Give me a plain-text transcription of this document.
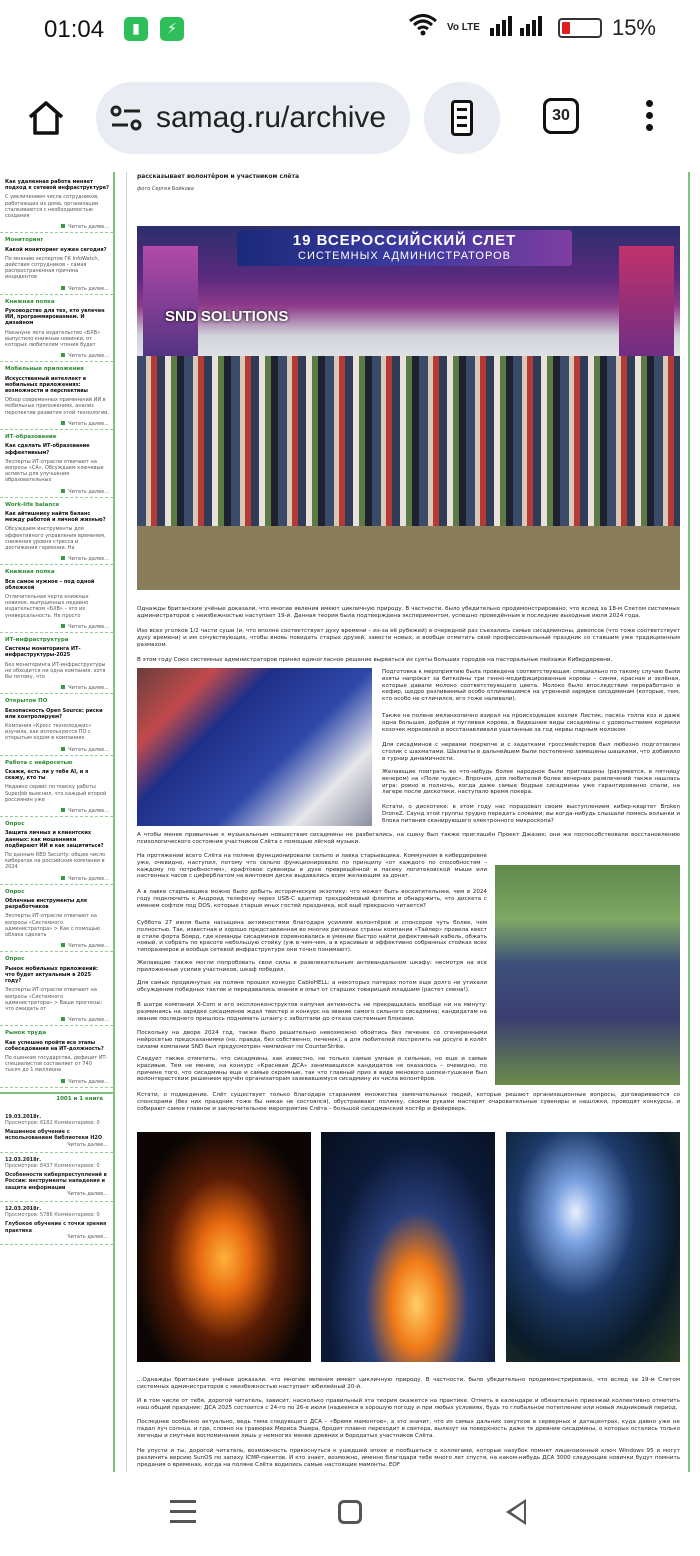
01:04	▮	⚡	Vo LTE	15%
samag.ru/archive	30
Как удаленная работа меняет подход к сетевой инфраструктуре?
С увеличением числа сотрудников, работающих из дома, организации сталкиваются с необходимостью создания
Читать далее...
Мониторинг
Какой мониторинг нужен сегодня?
По мнению экспертов ГК InfoWatch, действия сотрудников – самая распространенная причина инцидентов
Читать далее...
Книжная полка
Руководство для тех, кто увлечен ИИ, программированием. И дизайном
Накануне лета издательство «БХВ» выпустило книжные новинки, от которых любителям чтения будет
Читать далее...
Мобильные приложения
Искусственный интеллект в мобильных приложениях: возможности и перспективы
Обзор современных применений ИИ в мобильных приложениях, анализ перспектив развития этой технологии,
Читать далее...
ИТ-образование
Как сделать ИТ-образование эффективным?
Эксперты ИТ-отрасли отвечают на вопросы «СА». Обсуждаем ключевые аспекты для улучшения образовательных
Читать далее...
Work-life balance
Как айтишнику найти баланс между работой и личной жизнью?
Обсуждаем инструменты для эффективного управления временем, снижения уровня стресса и достижения гармонии. На
Читать далее...
Книжная полка
Все самое нужное – под одной обложкой
Отличительная черта книжных новинок, выпущенных недавно издательством «БХВ» – это их универсальность. Не просто
Читать далее...
ИТ-инфраструктура
Системы мониторинга ИТ-инфраструктуры-2025
Без мониторинга ИТ-инфраструктуры не обходится ни одна компания, хотя бы потому, что
Читать далее...
Открытое ПО
Безопасность Open Source: риски или контролируем?
Компания «Кросс технолоджис» изучила, как используются ПО с открытым кодом в компаниях
Читать далее...
Работа с нейросетью
Скажи, есть ли у тебя AI, и я скажу, кто ты
Недавно сервис по поиску работы SuperJob выяснил, что каждый второй россиянин уже
Читать далее...
Опрос
Защита личных и клиентских данных: как мошенники подбирают ИИ и как защититься?
По данным RED Security: общее число кибератак на российские компании в 2024
Читать далее...
Опрос
Облачные инструменты для разработчиков
Эксперты ИТ-отрасли отвечают на вопросы «Системного администратора» > Как с помощью облака сделать
Читать далее...
Опрос
Рынок мобильных приложений: что будет актуальным в 2025 году?
Эксперты ИТ-отрасли отвечают на вопросы «Системного администратора» > Ваши прогнозы: что ожидать от
Читать далее...
Рынок труда
Как успешно пройти все этапы собеседования на ИТ-должность?
По оценкам государства, дефицит ИТ-специалистов составляет от 740 тысяч до 1 миллиона
Читать далее...
1001 и 1 книга
19.03.2018г.
Просмотров: 6182 Комментариев: 0
Машинное обучение с использованием библиотеки H2O
Читать далее...
12.03.2018г.
Просмотров: 6437 Комментариев: 0
Особенности киберпреступлений в России: инструменты нападения и защита информации
Читать далее...
12.03.2018г.
Просмотров: 5786 Комментариев: 0
Глубокое обучение с точки зрения практика
Читать далее...
рассказывает волонтёром и участником слёта
фото Сергея Бойкова
19 ВСЕРОССИЙСКИЙ СЛЕТ
СИСТЕМНЫХ АДМИНИСТРАТОРОВ
SND SOLUTIONS
Однажды британские учёные доказали, что многие явления имеют цикличную природу. В частности, было убедительно продемонстрировано, что вслед за 18-м Слетом системных администраторов с неизбежностью наступает 19-й. Данная теория была подтверждена экспериментом, успешно проведённым в последние выходные июля 2024 года.
Изо всех уголков 1/2 части суши (и, что вполне соответствует духу времени – из-за её рубежей) в очередной раз съехались самые сисадминоны, девопсов (что тоже соответствует духу времени) и им сочувствующих, чтобы вновь повидать старых друзей, завести новых, и вообще отметить свой профессиональный праздник со ставшим уже традиционным размахом.
В этом году Союз системных администраторов принял единогласное решение вырваться из суеты больших городов на пасторальные пейзажи Кибердеревни.
Подготовка к мероприятию была проведена соответствующая: специально по такому случаю были взяты напрокат за биткойны три генно-модифицированные коровы – синяя, красная и зелёная, которые давали молоко соответствующего цвета. Молоко было впоследствии переработано в кефир, щедро разливаемый особо отличившимся на утренней зарядке сисадминам (которые, тем, кто особо не отличился, его тоже наливали).
Также на полене меланхолично взирал на происходящее козлик Листик, пасясь толпа коз и даже одна большая, добрая и пугливая корова, в бидешние виды сисадмины с удовольствием кормили козочек морковкой и восстанавливали ушатанные за год нервы парным молоком.
Для сисадминов с нервами покрепче и с задатками гроссмейстеров был любезно подготовлен столик с шахматами. Шахматы в дальнейшем были постепенно замещены шашками, что добавило в турнир динамичности.
Желающие поиграть во что-нибудь более народное были приглашены (разумеется, в пятницу вечером) на «Поле чудес». Впрочем, для любителей более вечерних развлечений также нашлась игра: ровно в полночь, когда даже самые бодрые сисадмины уже гарантированно спали, на лагере после дискотеки, наступало время покера.
Кстати, о дискотеке: в этом году нас порадовал своим выступлением кибер-квартет Broken DroneZ. Саунд этой группы трудно передать словами; вы когда-нибудь слышали помесь волынки и блока питания сканирующего электронного микроскопа?
А чтобы менее привычные к музыкальным новшествам сисадмины не разбегались, на сцену был также приглашён Проект Джазик; они же поспособствовали восстановлению психологического состояния участников Слёта с помощью лёгкой музыки.
На протяжении всего Слёта на поляне функционировали сельпо и лавка старьевщика. Коммунизм в кибердеревне уже, очевидно, наступил, потому что сельпо функционировало по принципу «от каждого по способностям – каждому по потребностям», крафтовое сувениры в духе преврещённой в пасеку логитековской мыши или настенных часов с циферблатом на винтовом диске выдавались всем желающим за донат.
А в лавке старьевщика можно было добыть историческую экзотику: что может быть восхитительнее, чем в 2024 году подключить к Андроид телефону через USB-C адаптер трехдюймовый флоппи и обнаружить, что дискета с именем софтом под DOS, которые старше иных гостей праздника, всё ещё прекрасно читается?
Суббота 27 июля была насыщена активностями благодаря усилиям волонтёров и спонсоров чуть более, чем полностью. Так, известная и хорошо представленная во многих регионах страны компания «Тайлер» провела квест в стиле форта Боярд, где команды сисадминов соревновались в умении быстро найти дефективный кабель, обжать новый, и собрать по красоте небольшую стойку (уж в чем-чем, а в красивые и эффективно собранных стойках всех типоразмеров и вообще сетевой инфраструктуре они точно понимают).
Желающие также могли попробовать свои силы в развлекательным антивандальном шкафу: несмотря на все приложенные усилия участников, шкаф победил.
Для самых продвинутых на поляне прошел конкурс CableHELL: а некоторых патерах потом еще долго не утихали обсуждения победных тактик и передавались знания и опыт от старших товарищей младшим (растет смена!).
В шатре компании X-Com и его эксплонконструктов кипучая активность не прекращалась вообще ни на минуту: разминаясь на зарядке сисадминов ждал твистер и конкурс на звание самого сильного сисадмина; кандидатам на звание последнего пришлось поднимать штангу с заболтами до отказа системным блоками.
Поскольку на дворе 2024 год, также было решительно невозможно обойтись без печенек со сгенеренными нейросетью предсказаниями (но, правда, без собственно, печенек), а для любителей пострелять на досуге в колёт силами компании SND был предусмотрен чемпионат по CounterStrike.
Следует также отметить, что сисадмины, как известно, не только самые умные и сильные, но еще и самые красивые. Тем не менее, на конкурс «Краснвая ДСА» занимавшихся кандидатов не оказалось – очевидно, по причине того, что сисадмины еще и самые скромные, так что главный приз в виде менового шопки-тушкани был волонтерастским решением вручён организаторам зазевавшемуся сисадмину из числа волонтёров.
Кстати, о подведение. Слёт существует только благодаря стараниям множества замечательных людей, которые решают организационные вопросы, договариваются со спонсорами (без них праздник тоже бы никак не состоялся), обустраивают полянку, своими руками мастерят очаровательные сувениры и нашлжки, проводят конкурсы, и собирают самое главное и заключительное мероприятие Слёта – большой сисадминский костёр и фейерверк.
...Однажды британские учёные доказали, что многие явления имеют цикличную природу. В частности, было убедительно продемонстрировано, что вслед за 19-м Слетом системных администраторов с неизбежностью наступает юбилейный 20-й.
И в том числе от тебя, дорогой читатель, зависит, насколько правильный эта теория окажется на практике. Отметь в календаре и обязательно приезжай коллективно отметить наш общий праздник: ДСА 2025 состоится с 24-го по 26-е июля (надеемся в хорошую погоду и при любых условиях, будь то глобальное потепление или новый ледниковый период.
Последнее особенно актуально, ведь тема следующего ДСА – «Время мамонтов», а это значит, что из самых дальних закутков в серверных и датацентрах, куда давно уже не падал луч солнца, и где, словно на гравюрах Мериса Эшера, бродит плавно переходит в свитера, вылезут на поверхность даже те древние сисадмины, о которых остались только легенды и смутные воспоминания лишь у немногих менее древних и бородатых участников Слёта.
Не упусти и ты, дорогой читатель, возможность прикоснуться к ушедшей эпохе и пообщаться с коллегами, которые назубок помнят лицензионный ключ Windows 95 и могут различить версию SunOS по запаху ICMP-пакетов. И кто знает, возможно, именно благодаря тебе много лет спустя, на каком-нибудь ДСА 3000 следующие новички будут помнить предания о временах, когда на поляне Слёта водились самые настоящие мамонты. EOF
